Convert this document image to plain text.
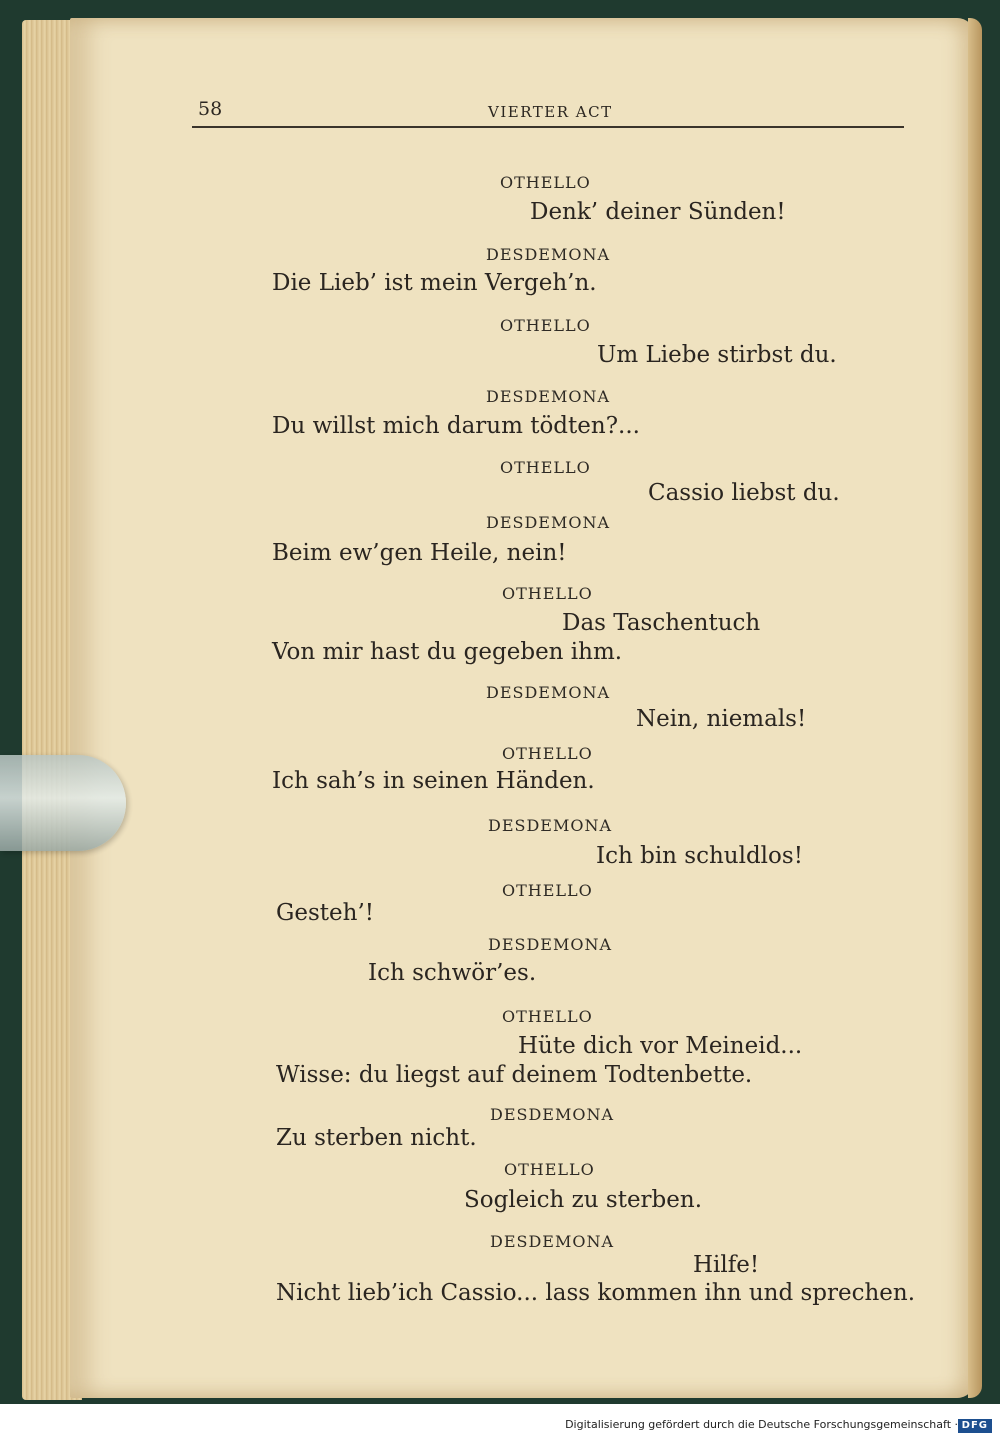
58	VIERTER ACT
OTHELLO
Denk’ deiner Sünden!
DESDEMONA
Die Lieb’ ist mein Vergeh’n.
OTHELLO
Um Liebe stirbst du.
DESDEMONA
Du willst mich darum tödten?...
OTHELLO
Cassio liebst du.
DESDEMONA
Beim ew’gen Heile, nein!
OTHELLO
Das Taschentuch
Von mir hast du gegeben ihm.
DESDEMONA
Nein, niemals!
OTHELLO
Ich sah’s in seinen Händen.
DESDEMONA
Ich bin schuldlos!
OTHELLO
Gesteh’!
DESDEMONA
Ich schwör’es.
OTHELLO
Hüte dich vor Meineid...
Wisse: du liegst auf deinem Todtenbette.
DESDEMONA
Zu sterben nicht.
OTHELLO
Sogleich zu sterben.
DESDEMONA
Hilfe!
Nicht lieb’ich Cassio... lass kommen ihn und sprechen.
Digitalisierung gefördert durch die Deutsche Forschungsgemeinschaft · DFG
